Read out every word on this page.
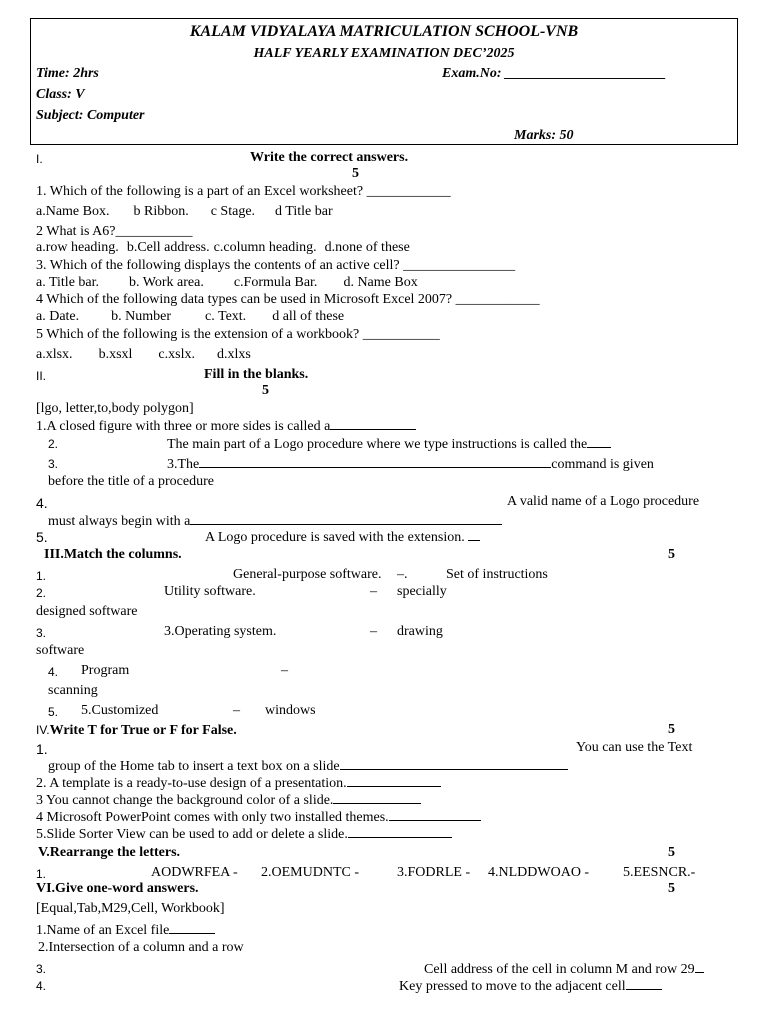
KALAM VIDYALAYA MATRICULATION SCHOOL-VNB
HALF YEARLY EXAMINATION DEC’2025
Time: 2hrs	Exam.No: _______________________
Class: V
Subject: Computer
Marks: 50
I.	Write the correct answers.
5
1. Which of the following is a part of an Excel worksheet? ____________
a.Name Box. b Ribbon. c Stage. d Title bar
2 What is A6?___________
a.row heading. b.Cell address. c.column heading. d.none of these
3. Which of the following displays the contents of an active cell? ________________
a. Title bar. b. Work area. c.Formula Bar. d. Name Box
4 Which of the following data types can be used in Microsoft Excel 2007? ____________
a. Date. b. Number c. Text. d all of these
5 Which of the following is the extension of a workbook? ___________
a.xlsx. b.xsxl c.xslx. d.xlxs
II.	Fill in the blanks.
5
[lgo, letter,to,body polygon]
1.A closed figure with three or more sides is called a
2.	The main part of a Logo procedure where we type instructions is called the
3.	3.The	command is given
before the title of a procedure
4.	A valid name of a Logo procedure
must always begin with a
5.	A Logo procedure is saved with the extension.
III.Match the columns.	5
1.	General-purpose software. –.	Set of instructions
2.	Utility software.	– specially
designed software
3.	3.Operating system.	– drawing
software
4. Program	–
scanning
5. 5.Customized	– windows
IV.Write T for True or F for False.	5
1.	You can use the Text
group of the Home tab to insert a text box on a slide
2. A template is a ready-to-use design of a presentation.
3 You cannot change the background color of a slide.
4 Microsoft PowerPoint comes with only two installed themes.
5.Slide Sorter View can be used to add or delete a slide.
V.Rearrange the letters.	5
1.	AODWRFEA - 2.OEMUDNTC -	3.FODRLE - 4.NLDDWOAO - 5.EESNCR.-
VI.Give one-word answers.	5
[Equal,Tab,M29,Cell, Workbook]
1.Name of an Excel file
2.Intersection of a column and a row
3.	Cell address of the cell in column M and row 29
4.	Key pressed to move to the adjacent cell
